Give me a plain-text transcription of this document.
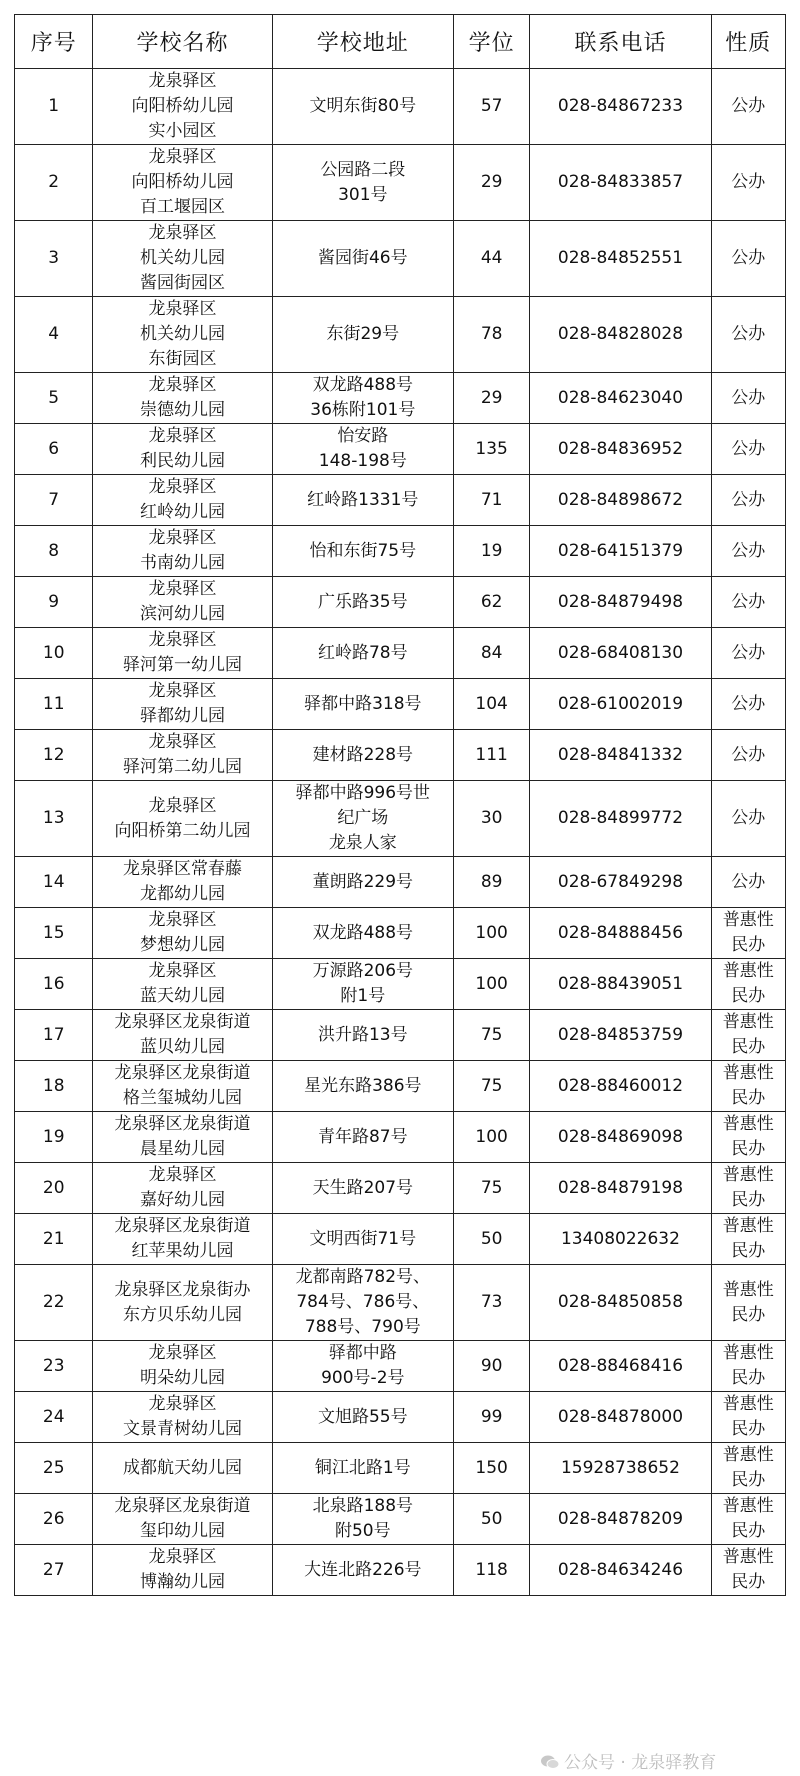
序号	学校名称	学校地址	学位	联系电话	性质
1	龙泉驿区
向阳桥幼儿园
实小园区	文明东街80号	57	028-84867233	公办
2	龙泉驿区
向阳桥幼儿园
百工堰园区	公园路二段
301号	29	028-84833857	公办
3	龙泉驿区
机关幼儿园
酱园街园区	酱园街46号	44	028-84852551	公办
4	龙泉驿区
机关幼儿园
东街园区	东街29号	78	028-84828028	公办
5	龙泉驿区
崇德幼儿园	双龙路488号
36栋附101号	29	028-84623040	公办
6	龙泉驿区
利民幼儿园	怡安路
148-198号	135	028-84836952	公办
7	龙泉驿区
红岭幼儿园	红岭路1331号	71	028-84898672	公办
8	龙泉驿区
书南幼儿园	怡和东街75号	19	028-64151379	公办
9	龙泉驿区
滨河幼儿园	广乐路35号	62	028-84879498	公办
10	龙泉驿区
驿河第一幼儿园	红岭路78号	84	028-68408130	公办
11	龙泉驿区
驿都幼儿园	驿都中路318号	104	028-61002019	公办
12	龙泉驿区
驿河第二幼儿园	建材路228号	111	028-84841332	公办
13	龙泉驿区
向阳桥第二幼儿园	驿都中路996号世
纪广场
龙泉人家	30	028-84899772	公办
14	龙泉驿区常春藤
龙都幼儿园	董朗路229号	89	028-67849298	公办
15	龙泉驿区
梦想幼儿园	双龙路488号	100	028-84888456	普惠性
民办
16	龙泉驿区
蓝天幼儿园	万源路206号
附1号	100	028-88439051	普惠性
民办
17	龙泉驿区龙泉街道
蓝贝幼儿园	洪升路13号	75	028-84853759	普惠性
民办
18	龙泉驿区龙泉街道
格兰玺城幼儿园	星光东路386号	75	028-88460012	普惠性
民办
19	龙泉驿区龙泉街道
晨星幼儿园	青年路87号	100	028-84869098	普惠性
民办
20	龙泉驿区
嘉好幼儿园	天生路207号	75	028-84879198	普惠性
民办
21	龙泉驿区龙泉街道
红苹果幼儿园	文明西街71号	50	13408022632	普惠性
民办
22	龙泉驿区龙泉街办
东方贝乐幼儿园	龙都南路782号、
784号、786号、
788号、790号	73	028-84850858	普惠性
民办
23	龙泉驿区
明朵幼儿园	驿都中路
900号-2号	90	028-88468416	普惠性
民办
24	龙泉驿区
文景青树幼儿园	文旭路55号	99	028-84878000	普惠性
民办
25	成都航天幼儿园	铜江北路1号	150	15928738652	普惠性
民办
26	龙泉驿区龙泉街道
玺印幼儿园	北泉路188号
附50号	50	028-84878209	普惠性
民办
27	龙泉驿区
博瀚幼儿园	大连北路226号	118	028-84634246	普惠性
民办
公众号 · 龙泉驿教育
